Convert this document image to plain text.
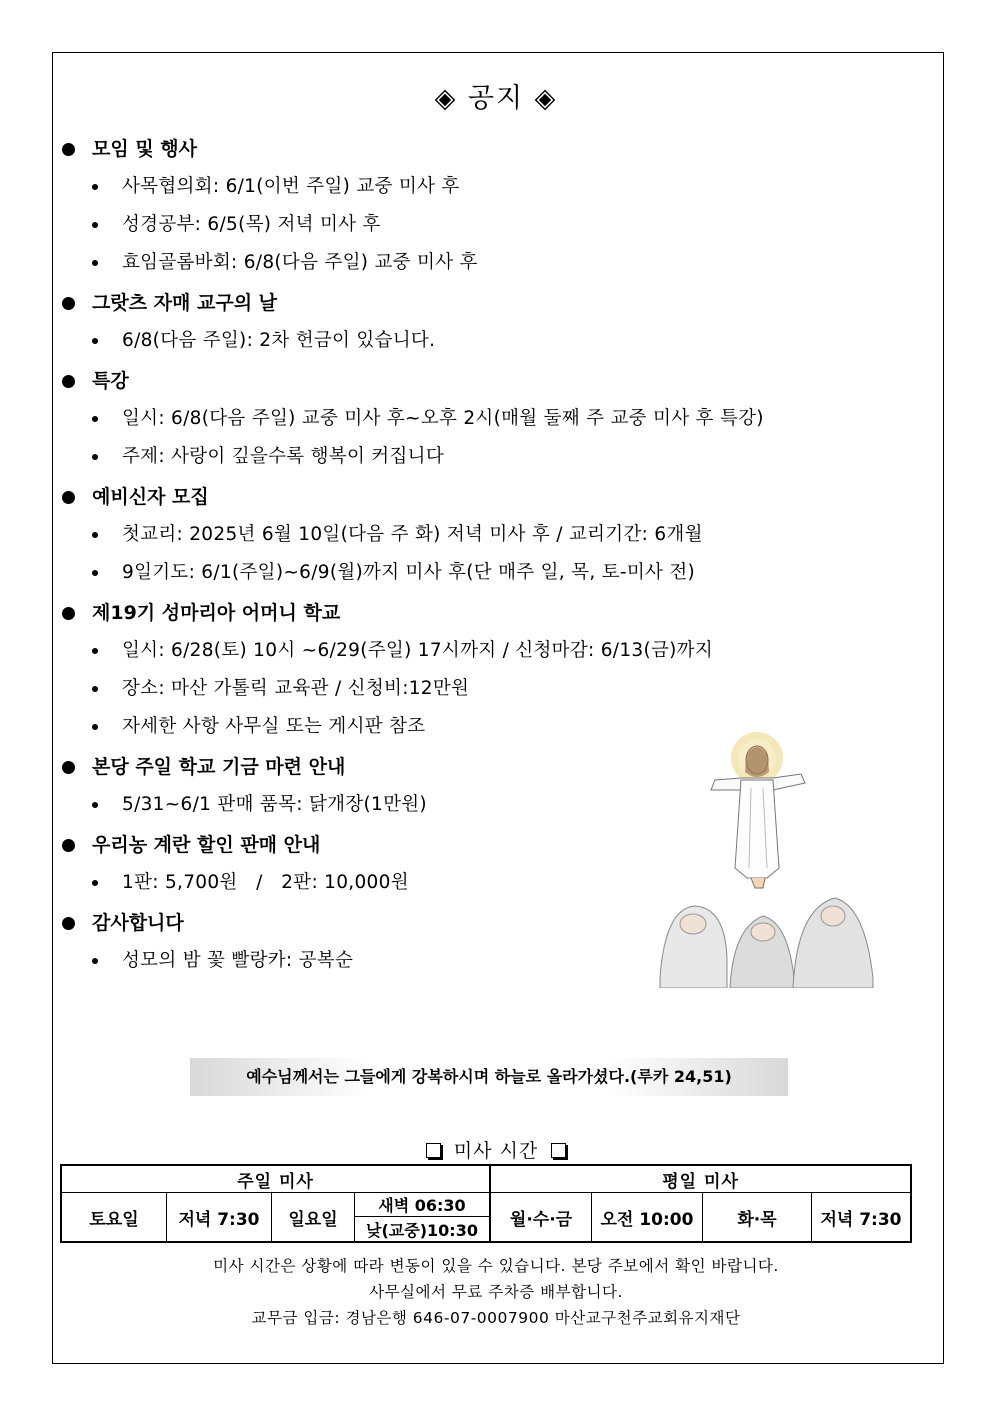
◈ 공지 ◈
모임 및 행사
사목협의회: 6/1(이번 주일) 교중 미사 후
성경공부: 6/5(목) 저녁 미사 후
효임골롬바회: 6/8(다음 주일) 교중 미사 후
그랏츠 자매 교구의 날
6/8(다음 주일): 2차 헌금이 있습니다.
특강
일시: 6/8(다음 주일) 교중 미사 후~오후 2시(매월 둘째 주 교중 미사 후 특강)
주제: 사랑이 깊을수록 행복이 커집니다
예비신자 모집
첫교리: 2025년 6월 10일(다음 주 화) 저녁 미사 후 / 교리기간: 6개월
9일기도: 6/1(주일)~6/9(월)까지 미사 후(단 매주 일, 목, 토-미사 전)
제19기 성마리아 어머니 학교
일시: 6/28(토) 10시 ~6/29(주일) 17시까지 / 신청마감: 6/13(금)까지
장소: 마산 가톨릭 교육관 / 신청비:12만원
자세한 사항 사무실 또는 게시판 참조
본당 주일 학교 기금 마련 안내
5/31~6/1 판매 품목: 닭개장(1만원)
우리농 계란 할인 판매 안내
1판: 5,700원   /   2판: 10,000원
감사합니다
성모의 밤 꽃 빨랑카: 공복순
예수님께서는 그들에게 강복하시며 하늘로 올라가셨다.(루카 24,51)
미사 시간
주일 미사				평일 미사			
토요일	저녁 7:30	일요일	새벽 06:30	월·수·금	오전 10:00	화·목	저녁 7:30
			낮(교중)10:30				
미사 시간은 상황에 따라 변동이 있을 수 있습니다. 본당 주보에서 확인 바랍니다.
사무실에서 무료 주차증 배부합니다.
교무금 입금: 경남은행 646-07-0007900 마산교구천주교회유지재단
